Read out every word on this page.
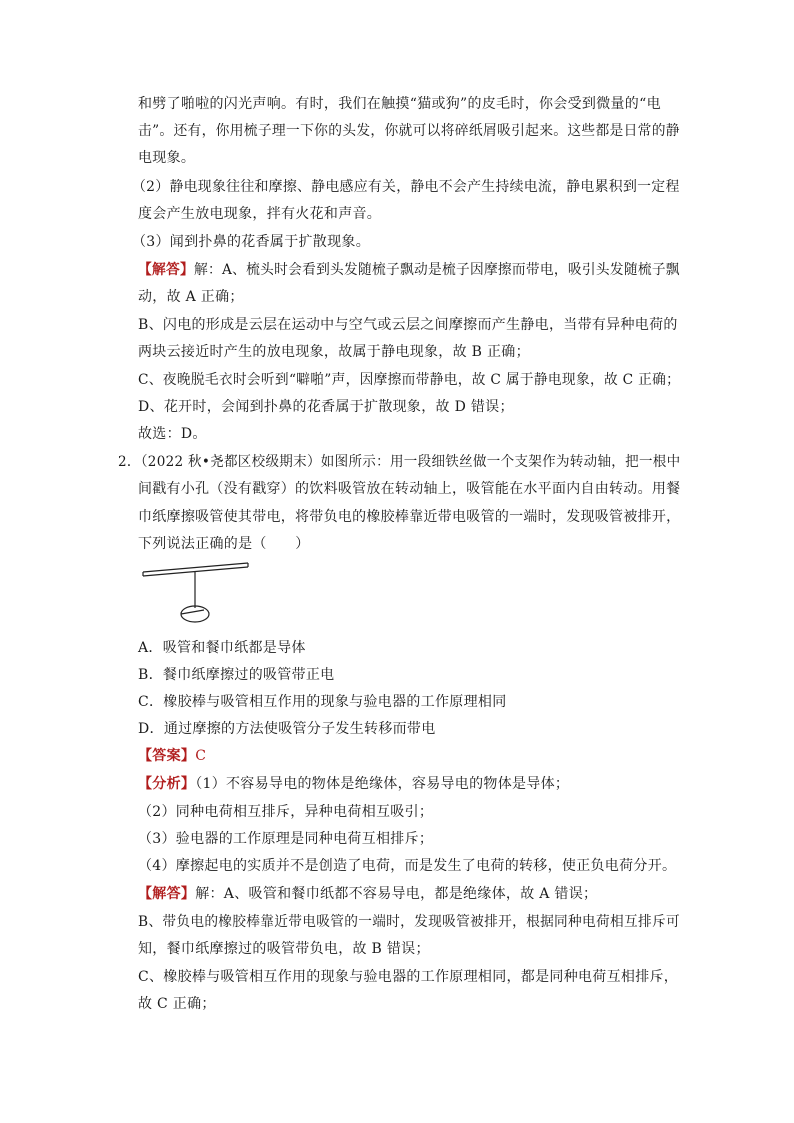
和劈了啪啦的闪光声响。有时，我们在触摸“猫或狗”的皮毛时，你会受到微量的“电
击”。还有，你用梳子理一下你的头发，你就可以将碎纸屑吸引起来。这些都是日常的静
电现象。
（2）静电现象往往和摩擦、静电感应有关，静电不会产生持续电流，静电累积到一定程
度会产生放电现象，拌有火花和声音。
（3）闻到扑鼻的花香属于扩散现象。
【解答】解：A、梳头时会看到头发随梳子飘动是梳子因摩擦而带电，吸引头发随梳子飘
动，故 A 正确；
B、闪电的形成是云层在运动中与空气或云层之间摩擦而产生静电，当带有异种电荷的
两块云接近时产生的放电现象，故属于静电现象，故 B 正确；
C、夜晚脱毛衣时会听到“噼啪”声，因摩擦而带静电，故 C 属于静电现象，故 C 正确；
D、花开时，会闻到扑鼻的花香属于扩散现象，故 D 错误；
故选：D。
2．（2022 秋•尧都区校级期末）如图所示：用一段细铁丝做一个支架作为转动轴，把一根中
间戳有小孔（没有戳穿）的饮料吸管放在转动轴上，吸管能在水平面内自由转动。用餐
巾纸摩擦吸管使其带电，将带负电的橡胶棒靠近带电吸管的一端时，发现吸管被排开，
下列说法正确的是（　　）
A．吸管和餐巾纸都是导体
B．餐巾纸摩擦过的吸管带正电
C．橡胶棒与吸管相互作用的现象与验电器的工作原理相同
D．通过摩擦的方法使吸管分子发生转移而带电
【答案】C
【分析】（1）不容易导电的物体是绝缘体，容易导电的物体是导体；
（2）同种电荷相互排斥，异种电荷相互吸引；
（3）验电器的工作原理是同种电荷互相排斥；
（4）摩擦起电的实质并不是创造了电荷，而是发生了电荷的转移，使正负电荷分开。
【解答】解：A、吸管和餐巾纸都不容易导电，都是绝缘体，故 A 错误；
B、带负电的橡胶棒靠近带电吸管的一端时，发现吸管被排开，根据同种电荷相互排斥可
知，餐巾纸摩擦过的吸管带负电，故 B 错误；
C、橡胶棒与吸管相互作用的现象与验电器的工作原理相同，都是同种电荷互相排斥，
故 C 正确；
